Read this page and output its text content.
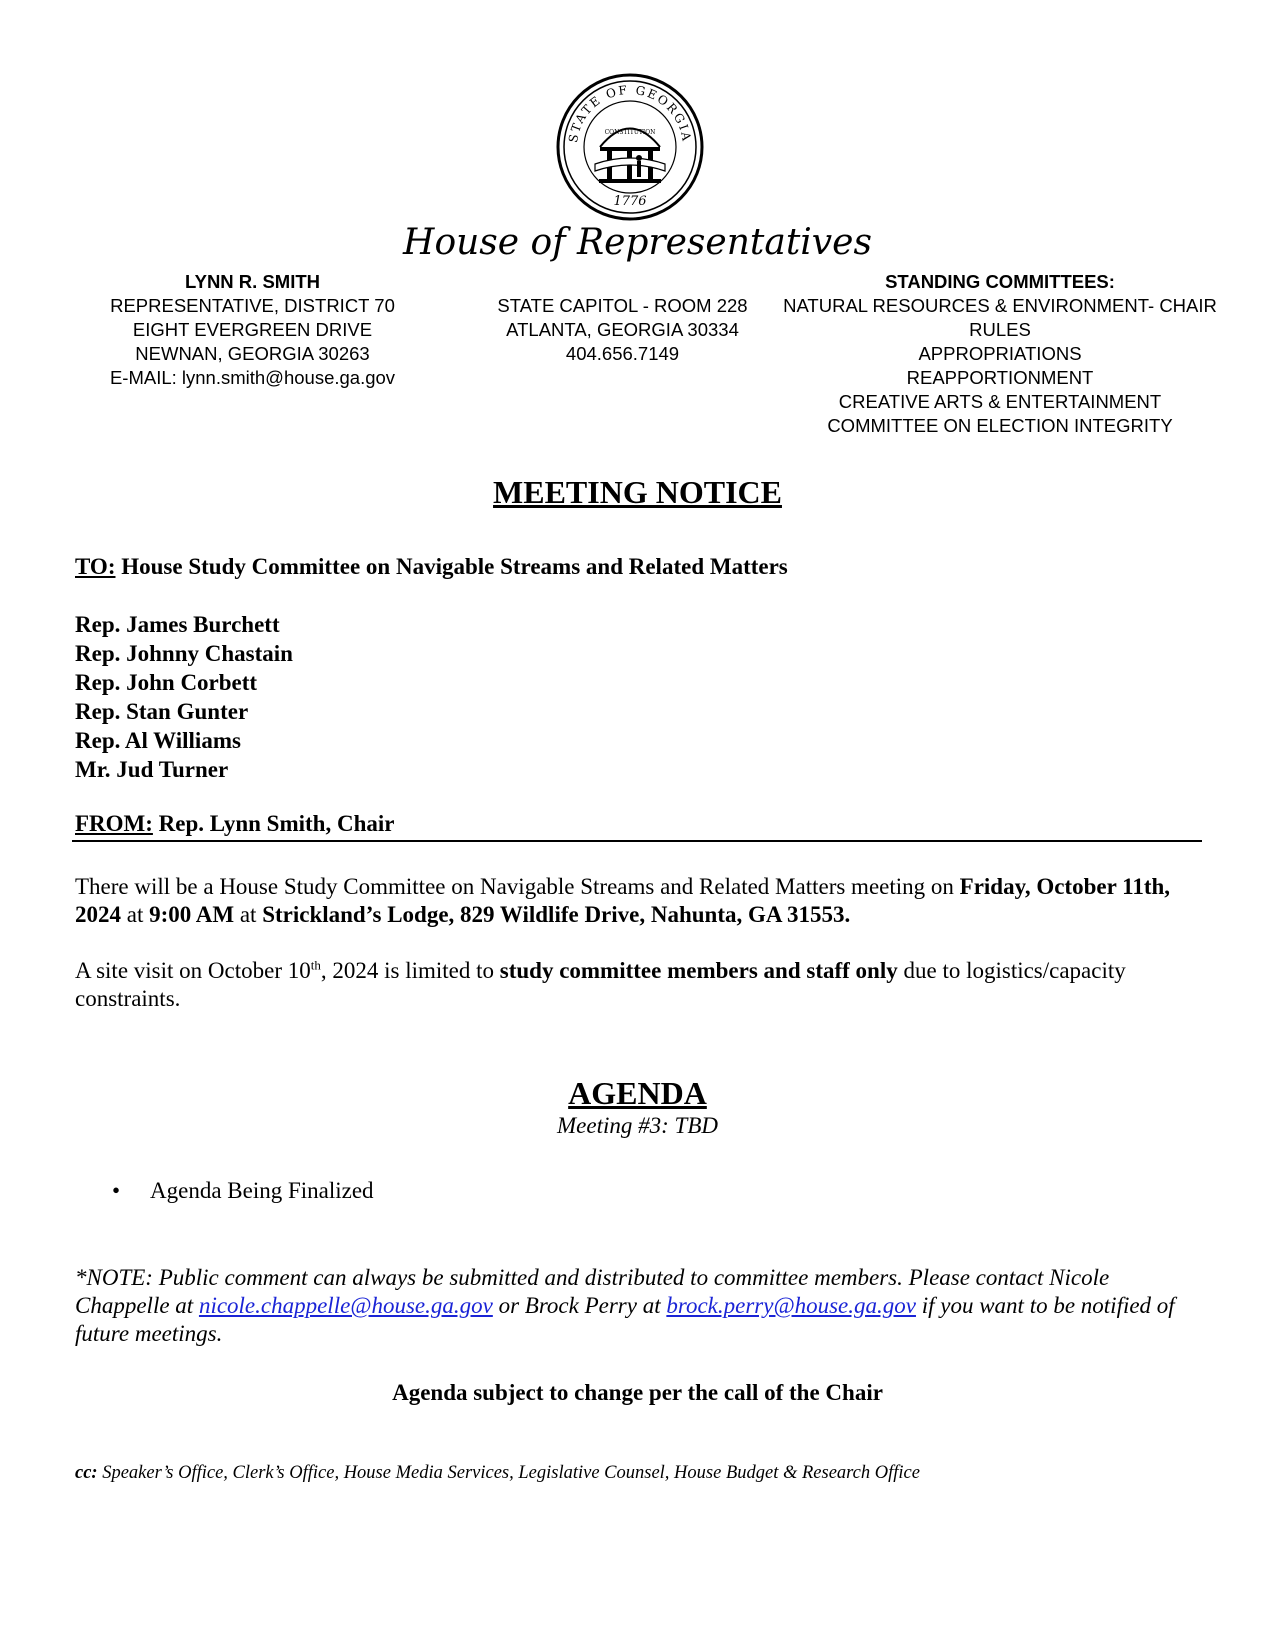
STATE OF GEORGIA
CONSTITUTION
1776
House of Representatives
LYNN R. SMITH
REPRESENTATIVE, DISTRICT 70
EIGHT EVERGREEN DRIVE
NEWNAN, GEORGIA 30263
E-MAIL: lynn.smith@house.ga.gov
STATE CAPITOL - ROOM 228
ATLANTA, GEORGIA 30334
404.656.7149
STANDING COMMITTEES:
NATURAL RESOURCES & ENVIRONMENT- CHAIR
RULES
APPROPRIATIONS
REAPPORTIONMENT
CREATIVE ARTS & ENTERTAINMENT
COMMITTEE ON ELECTION INTEGRITY
MEETING NOTICE
TO: House Study Committee on Navigable Streams and Related Matters
Rep. James Burchett
Rep. Johnny Chastain
Rep. John Corbett
Rep. Stan Gunter
Rep. Al Williams
Mr. Jud Turner
FROM: Rep. Lynn Smith, Chair
There will be a House Study Committee on Navigable Streams and Related Matters meeting on Friday, October 11th, 2024 at 9:00 AM at Strickland’s Lodge, 829 Wildlife Drive, Nahunta, GA 31553.
A site visit on October 10th, 2024 is limited to study committee members and staff only due to logistics/capacity constraints.
AGENDA
Meeting #3: TBD
• Agenda Being Finalized
*NOTE: Public comment can always be submitted and distributed to committee members. Please contact Nicole Chappelle at nicole.chappelle@house.ga.gov or Brock Perry at brock.perry@house.ga.gov if you want to be notified of future meetings.
Agenda subject to change per the call of the Chair
cc: Speaker’s Office, Clerk’s Office, House Media Services, Legislative Counsel, House Budget & Research Office
